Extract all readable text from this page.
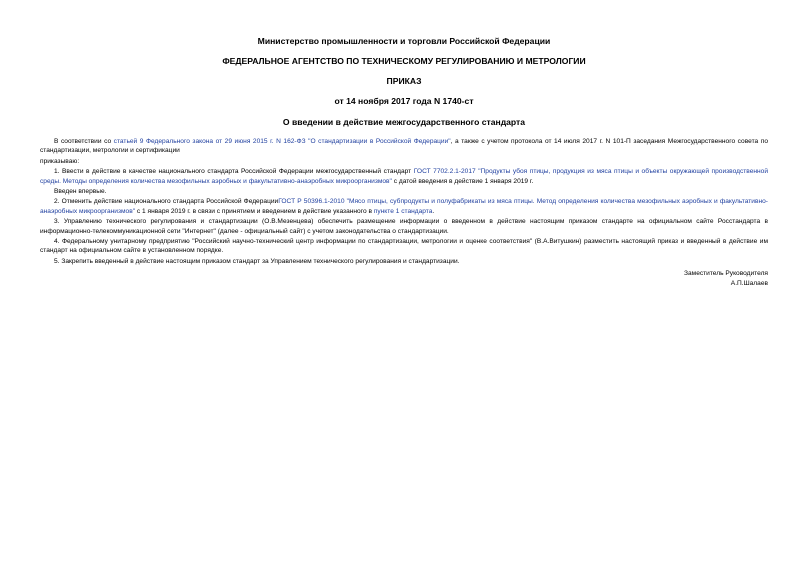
Министерство промышленности и торговли Российской Федерации
ФЕДЕРАЛЬНОЕ АГЕНТСТВО ПО ТЕХНИЧЕСКОМУ РЕГУЛИРОВАНИЮ И МЕТРОЛОГИИ
ПРИКАЗ
от 14 ноября 2017 года N 1740-ст
О введении в действие межгосударственного стандарта

В соответствии со статьей 9 Федерального закона от 29 июня 2015 г. N 162-ФЗ "О стандартизации в Российской Федерации", а также с учетом протокола от 14 июля 2017 г. N 101-П заседания Межгосударственного совета по стандартизации, метрологии и сертификации

приказываю:

1. Ввести в действие в качестве национального стандарта Российской Федерации межгосударственный стандарт ГОСТ 7702.2.1-2017 "Продукты убоя птицы, продукция из мяса птицы и объекты окружающей производственной среды. Методы определения количества мезофильных аэробных и факультативно-анаэробных микроорганизмов" с датой введения в действие 1 января 2019 г.

Введен впервые.

2. Отменить действие национального стандарта Российской ФедерацииГОСТ Р 50396.1-2010 "Мясо птицы, субпродукты и полуфабрикаты из мяса птицы. Метод определения количества мезофильных аэробных и факультативно-анаэробных микроорганизмов" с 1 января 2019 г. в связи с принятием и введением в действие указанного в пункте 1 стандарта.

3. Управлению технического регулирования и стандартизации (О.В.Мезенцева) обеспечить размещение информации о введенном в действие настоящим приказом стандарте на официальном сайте Росстандарта в информационно-телекоммуникационной сети "Интернет" (далее - официальный сайт) с учетом законодательства о стандартизации.

4. Федеральному унитарному предприятию "Российский научно-технический центр информации по стандартизации, метрологии и оценке соответствия" (В.А.Витушкин) разместить настоящий приказ и введенный в действие им стандарт на официальном сайте в установленном порядке.

5. Закрепить введенный в действие настоящим приказом стандарт за Управлением технического регулирования и стандартизации.

Заместитель Руководителя
А.П.Шалаев
